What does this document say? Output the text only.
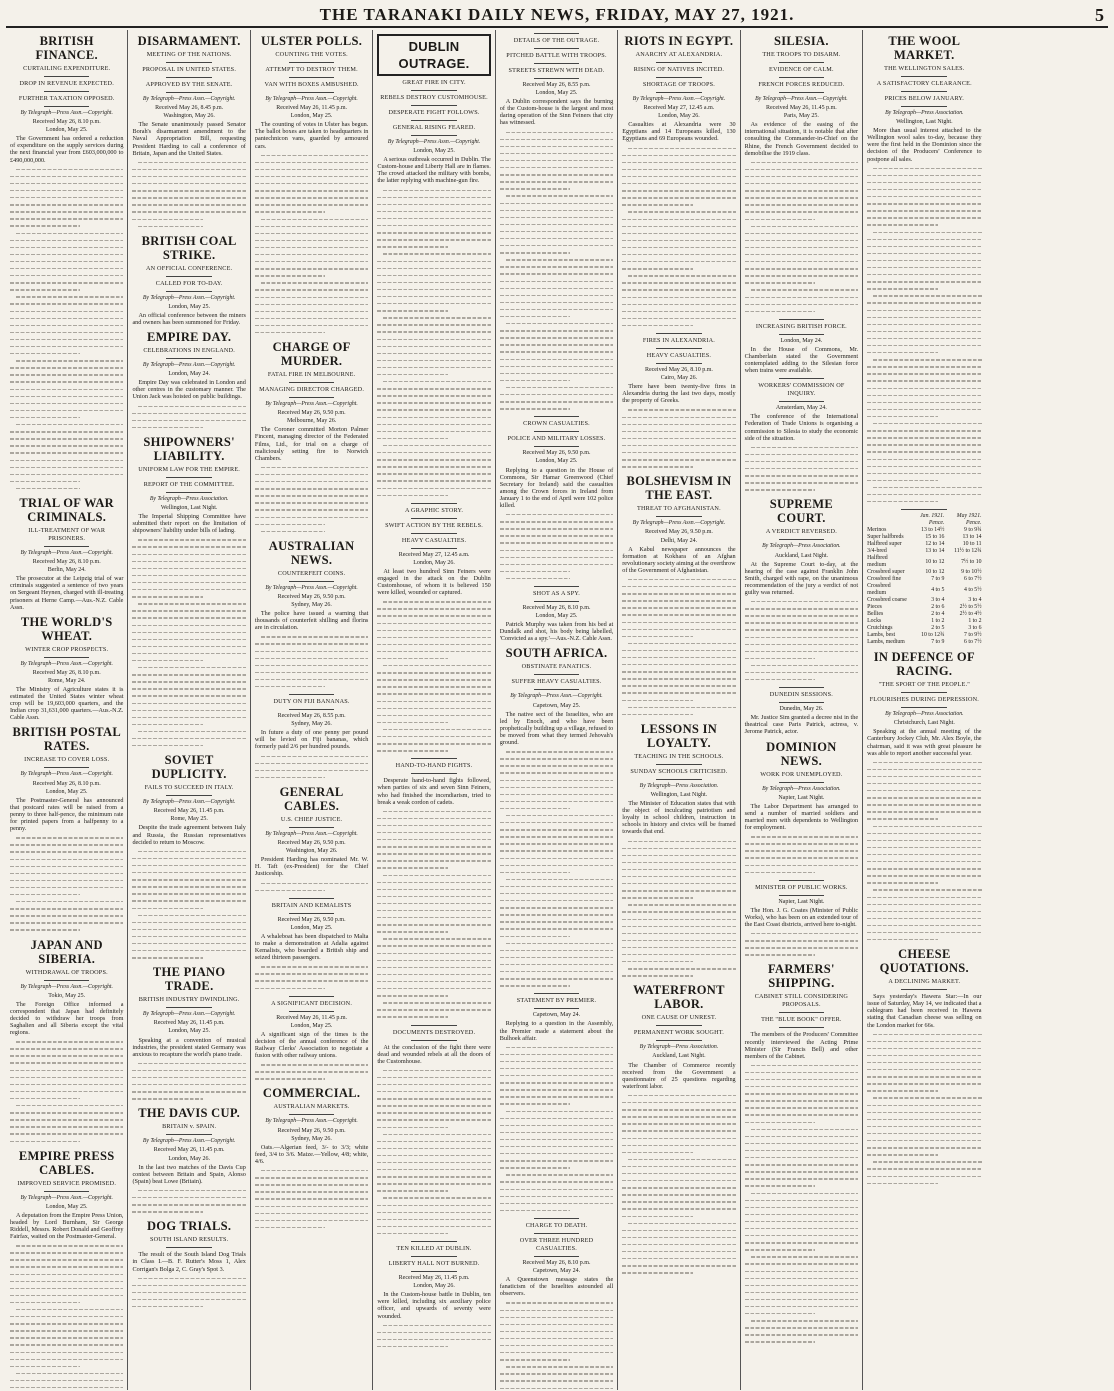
THE TARANAKI DAILY NEWS, FRIDAY, MAY 27, 1921.	5
BRITISH FINANCE.
CURTAILING EXPENDITURE.
DROP IN REVENUE EXPECTED.
FURTHER TAXATION OPPOSED.
By Telegraph—Press Assn.—Copyright.
Received May 26, 8.10 p.m.
London, May 25.
The Government has ordered a reduction of expenditure on the supply services during the next financial year from £603,000,000 to £490,000,000.
TRIAL OF WAR CRIMINALS.
ILL-TREATMENT OF WAR PRISONERS.
By Telegraph—Press Assn.—Copyright.
Received May 26, 8.10 p.m.
Berlin, May 24.
The prosecutor at the Leipzig trial of war criminals suggested a sentence of two years on Sergeant Heynen, charged with ill-treating prisoners at Herne Camp.—Aus.-N.Z. Cable Assn.
THE WORLD'S WHEAT.
WINTER CROP PROSPECTS.
By Telegraph—Press Assn.—Copyright.
Received May 26, 8.10 p.m.
Rome, May 24.
The Ministry of Agriculture states it is estimated the United States winter wheat crop will be 19,603,000 quarters, and the Indian crop 31,631,000 quarters.—Aus.-N.Z. Cable Assn.
BRITISH POSTAL RATES.
INCREASE TO COVER LOSS.
By Telegraph—Press Assn.—Copyright.
Received May 26, 8.10 p.m.
London, May 25.
The Postmaster-General has announced that postcard rates will be raised from a penny to three half-pence, the minimum rate for printed papers from a halfpenny to a penny.
JAPAN AND SIBERIA.
WITHDRAWAL OF TROOPS.
By Telegraph—Press Assn.—Copyright.
Tokio, May 25.
The Foreign Office informed a correspondent that Japan had definitely decided to withdraw her troops from Saghalien and all Siberia except the vital regions.
EMPIRE PRESS CABLES.
IMPROVED SERVICE PROMISED.
By Telegraph—Press Assn.—Copyright.
London, May 25.
A deputation from the Empire Press Union, headed by Lord Burnham, Sir George Riddell, Messrs. Robert Donald and Geoffrey Fairfax, waited on the Postmaster-General.
DISARMAMENT.
MEETING OF THE NATIONS.
PROPOSAL IN UNITED STATES.
APPROVED BY THE SENATE.
By Telegraph—Press Assn.—Copyright.
Received May 26, 8.45 p.m.
Washington, May 26.
The Senate unanimously passed Senator Borah's disarmament amendment to the Naval Appropriation Bill, requesting President Harding to call a conference of Britain, Japan and the United States.
BRITISH COAL STRIKE.
AN OFFICIAL CONFERENCE.
CALLED FOR TO-DAY.
By Telegraph—Press Assn.—Copyright.
London, May 25.
An official conference between the miners and owners has been summoned for Friday.
EMPIRE DAY.
CELEBRATIONS IN ENGLAND.
By Telegraph—Press Assn.—Copyright.
London, May 24.
Empire Day was celebrated in London and other centres in the customary manner. The Union Jack was hoisted on public buildings.
SHIPOWNERS' LIABILITY.
UNIFORM LAW FOR THE EMPIRE.
REPORT OF THE COMMITTEE.
By Telegraph—Press Association.
Wellington, Last Night.
The Imperial Shipping Committee have submitted their report on the limitation of shipowners' liability under bills of lading.
SOVIET DUPLICITY.
FAILS TO SUCCEED IN ITALY.
By Telegraph—Press Assn.—Copyright.
Received May 26, 11.45 p.m.
Rome, May 25.
Despite the trade agreement between Italy and Russia, the Russian representatives decided to return to Moscow.
THE PIANO TRADE.
BRITISH INDUSTRY DWINDLING.
By Telegraph—Press Assn.—Copyright.
Received May 26, 11.45 p.m.
London, May 25.
Speaking at a convention of musical industries, the president stated Germany was anxious to recapture the world's piano trade.
THE DAVIS CUP.
BRITAIN v. SPAIN.
By Telegraph—Press Assn.—Copyright.
Received May 26, 11.45 p.m.
London, May 26.
In the last two matches of the Davis Cup contest between Britain and Spain, Alonso (Spain) beat Lowe (Britain).
DOG TRIALS.
SOUTH ISLAND RESULTS.
The result of the South Island Dog Trials in Class I.—B. F. Rutter's Moss 1, Alex Corrigan's Bolga 2, C. Gray's Spot 3.
ULSTER POLLS.
COUNTING THE VOTES.
ATTEMPT TO DESTROY THEM.
VAN WITH BOXES AMBUSHED.
By Telegraph—Press Assn.—Copyright.
Received May 26, 11.45 p.m.
London, May 25.
The counting of votes in Ulster has begun. The ballot boxes are taken to headquarters in pantechnicon vans, guarded by armoured cars.
CHARGE OF MURDER.
FATAL FIRE IN MELBOURNE.
MANAGING DIRECTOR CHARGED.
By Telegraph—Press Assn.—Copyright.
Received May 26, 9.50 p.m.
Melbourne, May 26.
The Coroner committed Morton Palmer Fincent, managing director of the Federated Films, Ltd., for trial on a charge of maliciously setting fire to Norwich Chambers.
AUSTRALIAN NEWS.
COUNTERFEIT COINS.
By Telegraph—Press Assn.—Copyright.
Received May 26, 9.50 p.m.
Sydney, May 26.
The police have issued a warning that thousands of counterfeit shilling and florins are in circulation.
DUTY ON FIJI BANANAS.
Received May 26, 8.55 p.m.
Sydney, May 26.
In future a duty of one penny per pound will be levied on Fiji bananas, which formerly paid 2/6 per hundred pounds.
GENERAL CABLES.
U.S. CHIEF JUSTICE.
By Telegraph—Press Assn.—Copyright.
Received May 26, 9.50 p.m.
Washington, May 26.
President Harding has nominated Mr. W. H. Taft (ex-President) for the Chief Justiceship.
BRITAIN AND KEMALISTS
Received May 26, 9.50 p.m.
London, May 25.
A whaleboat has been dispatched to Malta to make a demonstration at Adalia against Kemalists, who boarded a British ship and seized thirteen passengers.
A SIGNIFICANT DECISION.
Received May 26, 11.45 p.m.
London, May 25.
A significant sign of the times is the decision of the annual conference of the Railway Clerks' Association to negotiate a fusion with other railway unions.
COMMERCIAL.
AUSTRALIAN MARKETS.
By Telegraph—Press Assn.—Copyright.
Received May 26, 9.50 p.m.
Sydney, May 26.
Oats.—Algerian feed, 3/- to 3/3; white feed, 3/4 to 3/6. Maize.—Yellow, 4/8; white, 4/6.
DUBLIN OUTRAGE.
GREAT FIRE IN CITY.
REBELS DESTROY CUSTOMHOUSE.
DESPERATE FIGHT FOLLOWS.
GENERAL RISING FEARED.
By Telegraph—Press Assn.—Copyright.
London, May 25.
A serious outbreak occurred in Dublin. The Custom-house and Liberty Hall are in flames. The crowd attacked the military with bombs, the latter replying with machine-gun fire.
A GRAPHIC STORY.
SWIFT ACTION BY THE REBELS.
HEAVY CASUALTIES.
Received May 27, 12.45 a.m.
London, May 26.
At least two hundred Sinn Feiners were engaged in the attack on the Dublin Customhouse, of whom it is believed 150 were killed, wounded or captured.
HAND-TO-HAND FIGHTS.
Desperate hand-to-hand fights followed, when parties of six and seven Sinn Feiners, who had finished the incendiarism, tried to break a weak cordon of cadets.
DOCUMENTS DESTROYED.
At the conclusion of the fight there were dead and wounded rebels at all the doors of the Customhouse.
TEN KILLED AT DUBLIN.
LIBERTY HALL NOT BURNED.
Received May 26, 11.45 p.m.
London, May 26.
In the Custom-house battle in Dublin, ten were killed, including six auxiliary police officer, and upwards of seventy were wounded.
DETAILS OF THE OUTRAGE.
PITCHED BATTLE WITH TROOPS.
STREETS STREWN WITH DEAD.
Received May 26, 8.55 p.m.
London, May 25.
A Dublin correspondent says the burning of the Custom-house is the largest and most daring operation of the Sinn Feiners that city has witnessed.
CROWN CASUALTIES.
POLICE AND MILITARY LOSSES.
Received May 26, 9.50 p.m.
London, May 25.
Replying to a question in the House of Commons, Sir Hamar Greenwood (Chief Secretary for Ireland) said the casualties among the Crown forces in Ireland from January 1 to the end of April were 102 police killed.
SHOT AS A SPY.
Received May 26, 8.10 p.m.
London, May 25.
Patrick Murphy was taken from his bed at Dundalk and shot, his body being labelled, 'Convicted as a spy.'—Aus.-N.Z. Cable Assn.
SOUTH AFRICA.
OBSTINATE FANATICS.
SUFFER HEAVY CASUALTIES.
By Telegraph—Press Assn.—Copyright.
Capetown, May 25.
The native sect of the Israelites, who are led by Enoch, and who have been prophetically building up a village, refused to be moved from what they termed Jehovah's ground.
STATEMENT BY PREMIER.
Capetown, May 24.
Replying to a question in the Assembly, the Premier made a statement about the Bulhoek affair.
CHARGE TO DEATH.
OVER THREE HUNDRED CASUALTIES.
Received May 26, 8.10 p.m.
Capetown, May 24.
A Queenstown message states the fanaticism of the Israelites astounded all observers.
RIOTS IN EGYPT.
ANARCHY AT ALEXANDRIA.
RISING OF NATIVES INCITED.
SHORTAGE OF TROOPS.
By Telegraph—Press Assn.—Copyright.
Received May 27, 12.45 a.m.
London, May 26.
Casualties at Alexandria were 30 Egyptians and 14 Europeans killed, 130 Egyptians and 69 Europeans wounded.
FIRES IN ALEXANDRIA.
HEAVY CASUALTIES.
Received May 26, 8.10 p.m.
Cairo, May 26.
There have been twenty-five fires in Alexandria during the last two days, mostly the property of Greeks.
BOLSHEVISM IN THE EAST.
THREAT TO AFGHANISTAN.
By Telegraph—Press Assn.—Copyright.
Received May 26, 9.50 p.m.
Delhi, May 24.
A Kabul newspaper announces the formation at Kokhara of an Afghan revolutionary society aiming at the overthrow of the Government of Afghanistan.
LESSONS IN LOYALTY.
TEACHING IN THE SCHOOLS.
SUNDAY SCHOOLS CRITICISED.
By Telegraph—Press Association.
Wellington, Last Night.
The Minister of Education states that with the object of inculcating patriotism and loyalty in school children, instruction in schools in history and civics will be framed towards that end.
WATERFRONT LABOR.
ONE CAUSE OF UNREST.
PERMANENT WORK SOUGHT.
By Telegraph—Press Association.
Auckland, Last Night.
The Chamber of Commerce recently received from the Government a questionnaire of 25 questions regarding waterfront labor.
SILESIA.
THE TROOPS TO DISARM.
EVIDENCE OF CALM.
FRENCH FORCES REDUCED.
By Telegraph—Press Assn.—Copyright.
Received May 26, 11.45 p.m.
Paris, May 25.
As evidence of the easing of the international situation, it is notable that after consulting the Commander-in-Chief on the Rhine, the French Government decided to demobilise the 1919 class.
INCREASING BRITISH FORCE.
London, May 24.
In the House of Commons, Mr. Chamberlain stated the Government contemplated adding to the Silesian force when trains were available.
WORKERS' COMMISSION OF INQUIRY.
Amsterdam, May 24.
The conference of the International Federation of Trade Unions is organising a commission to Silesia to study the economic side of the situation.
SUPREME COURT.
A VERDICT REVERSED.
By Telegraph—Press Association.
Auckland, Last Night.
At the Supreme Court to-day, at the hearing of the case against Franklin John Smith, charged with rape, on the unanimous recommendation of the jury a verdict of not guilty was returned.
DUNEDIN SESSIONS.
Dunedin, May 26.
Mr. Justice Sim granted a decree nisi in the theatrical case Paris Patrick, actress, v. Jerome Patrick, actor.
DOMINION NEWS.
WORK FOR UNEMPLOYED.
By Telegraph—Press Association.
Napier, Last Night.
The Labor Department has arranged to send a number of married soldiers and married men with dependents to Wellington for employment.
MINISTER OF PUBLIC WORKS.
Napier, Last Night.
The Hon. J. G. Coates (Minister of Public Works), who has been on an extended tour of the East Coast districts, arrived here to-night.
FARMERS' SHIPPING.
CABINET STILL CONSIDERING PROPOSALS.
THE "BLUE BOOK" OFFER.
The members of the Producers' Committee recently interviewed the Acting Prime Minister (Sir Francis Bell) and other members of the Cabinet.
THE WOOL MARKET.
THE WELLINGTON SALES.
A SATISFACTORY CLEARANCE.
PRICES BELOW JANUARY.
By Telegraph—Press Association.
Wellington, Last Night.
More than usual interest attached to the Wellington wool sales to-day, because they were the first held in the Dominion since the decision of the Producers' Conference to postpone all sales.
	Jan. 1921. Pence.	May 1921. Pence.
Merinos	13 to 14½	9 to 9¾
Super halfbreds	15 to 16	13 to 14
Halfbred super	12 to 14	10 to 11
3/4-bred	13 to 14	11½ to 12¾
Halfbred medium	10 to 12	7½ to 10
Crossbred super	10 to 12	9 to 10½
Crossbred fine	7 to 9	6 to 7½
Crossbred medium	4 to 5	4 to 5½
Crossbred coarse	3 to 4	3 to 4
Pieces	2 to 6	2½ to 5½
Bellies	2 to 4	2½ to 4½
Locks	1 to 2	1 to 2
Crutchings	2 to 5	3 to 6
Lambs, best	10 to 12¾	7 to 9½
Lambs, medium	7 to 9	6 to 7½
IN DEFENCE OF RACING.
"THE SPORT OF THE PEOPLE."
FLOURISHES DURING DEPRESSION.
By Telegraph—Press Association.
Christchurch, Last Night.
Speaking at the annual meeting of the Canterbury Jockey Club, Mr. Alex Boyle, the chairman, said it was with great pleasure he was able to report another successful year.
CHEESE QUOTATIONS.
A DECLINING MARKET.
Says yesterday's Hawera Star:—In our issue of Saturday, May 14, we indicated that a cablegram had been received in Hawera stating that Canadian cheese was selling on the London market for 66s.
